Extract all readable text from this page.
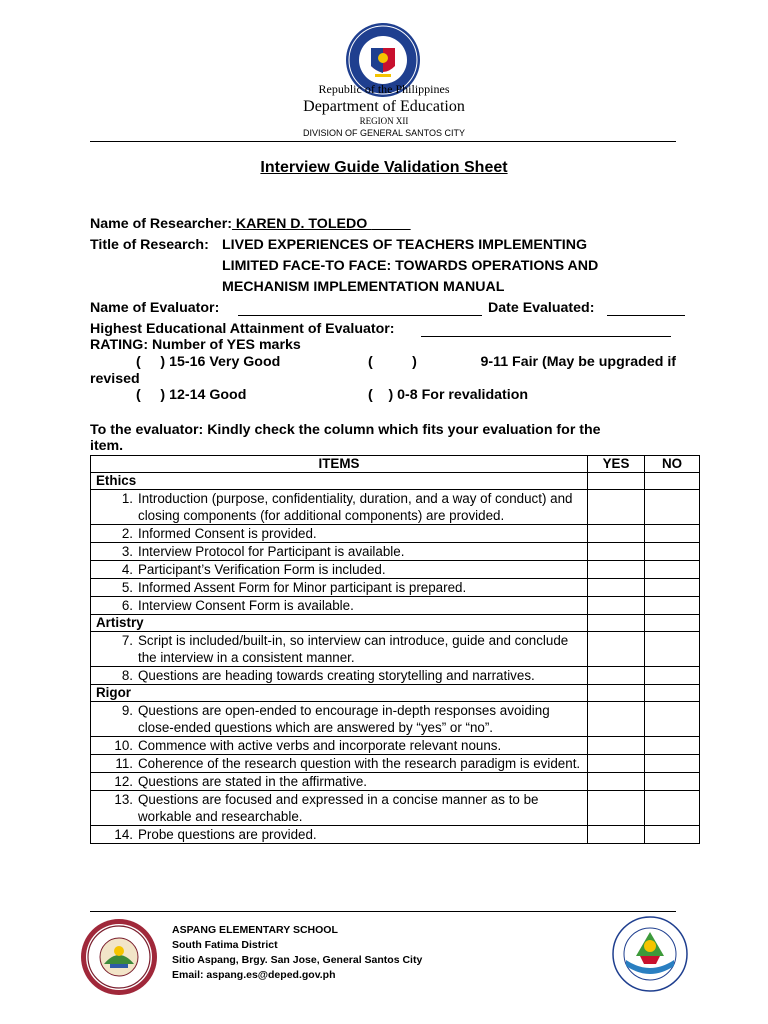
Republic of the Philippines
Department of Education
REGION XII
DIVISION OF GENERAL SANTOS CITY
Interview Guide Validation Sheet
Name of Researcher: KAREN D. TOLEDO
Title of Research: LIVED EXPERIENCES OF TEACHERS IMPLEMENTING
LIMITED FACE-TO FACE: TOWARDS OPERATIONS AND
MECHANISM IMPLEMENTATION MANUAL
Name of Evaluator:	Date Evaluated:
Highest Educational Attainment of Evaluator:
RATING: Number of YES marks
(     ) 15-16 Very Good	(          )	9-11 Fair (May be upgraded if
revised
(     ) 12-14 Good	(    ) 0-8 For revalidation
To the evaluator: Kindly check the column which fits your evaluation for the
item.
ITEMS	YES	NO
Ethics		

1. Introduction (purpose, confidentiality, duration, and a way of conduct) and closing components (for additional components) are provided.		

2. Informed Consent is provided.		

3. Interview Protocol for Participant is available.		

4. Participant’s Verification Form is included.		

5. Informed Assent Form for Minor participant is prepared.		

6. Interview Consent Form is available.		

Artistry		

7. Script is included/built-in, so interview can introduce, guide and conclude the interview in a consistent manner.		

8. Questions are heading towards creating storytelling and narratives.		

Rigor		

9. Questions are open-ended to encourage in-depth responses avoiding close-ended questions which are answered by “yes” or “no”.		

10. Commence with active verbs and incorporate relevant nouns.		

11. Coherence of the research question with the research paradigm is evident.		

12. Questions are stated in the affirmative.		

13. Questions are focused and expressed in a concise manner as to be workable and researchable.		

14. Probe questions are provided.		

ASPANG ELEMENTARY SCHOOL
South Fatima District
Sitio Aspang, Brgy. San Jose, General Santos City
Email: aspang.es@deped.gov.ph
